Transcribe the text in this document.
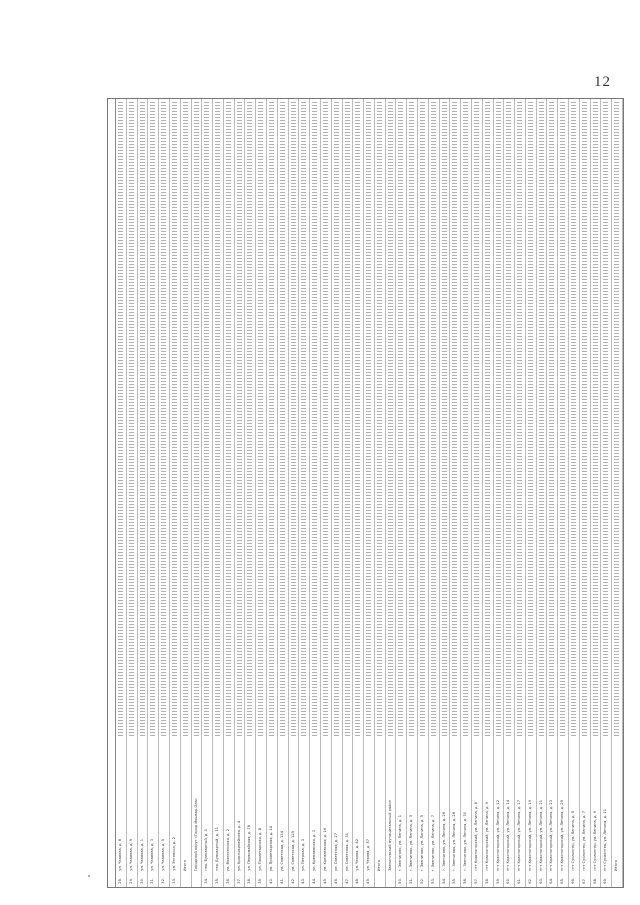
12
28.
ул. Чкалова, д. 8
29.
ул. Чкалова, д. 9
30.
ул. Чкалова, д. 1
31.
ул. Чкалова, д. 3
32.
ул. Чкалова, д. 5
33.
ул. Энгельса, д. 2 Итого Городской округ «Город Йошкар-Ола»
34.
пер. Бульварный, д. 1
35.
пер. Бульварный, д. 11
36.
ул. Вознесенская, д. 2
37.
ул. Красноармейская, д. 4
38.
ул. Первомайская, д. 78
39.
ул. Пролетарская, д. 8
40.
ул. Пролетарская, д. 14
41.
ул. Советская, д. 114
42.
ул. Советская, д. 125
43.
ул. Петрова, д. 3
44.
ул. Кремлевская, д. 3
45.
ул. Кремлевская, д. 16
46.
ул. Советская, д. 27
47.
ул. Советская, д. 31
48.
ул. Чехова, д. 42
49.
ул. Чехова, д. 57 Итого Звениговский муниципальный район
50.
г. Звенигово, ул. Ленина, д. 1
51.
г. Звенигово, ул. Ленина, д. 3
52.
г. Звенигово, ул. Ленина, д. 5
53.
г. Звенигово, ул. Ленина, д. 7
54.
г. Звенигово, ул. Ленина, д. 26
55.
г. Звенигово, ул. Ленина, д. 28
56.
г. Звенигово, ул. Ленина, д. 30
57.
пгт Красногорский, ул. Ленина, д. 8
58.
пгт Красногорский, ул. Ленина, д. 9
59.
пгт Красногорский, ул. Ленина, д. 12
60.
пгт Красногорский, ул. Ленина, д. 14
61.
пгт Красногорский, ул. Ленина, д. 17
62.
пгт Красногорский, ул. Ленина, д. 19
63.
пгт Красногорский, ул. Ленина, д. 21
64.
пгт Красногорский, ул. Ленина, д. 23
65.
пгт Красногорский, ул. Ленина, д. 25
66.
пгт Суслонгер, ул. Ленина, д. 5
67.
пгт Суслонгер, ул. Ленина, д. 7
68.
пгт Суслонгер, ул. Ленина, д. 9
69.
пгт Суслонгер, ул. Ленина, д. 11 Итого
